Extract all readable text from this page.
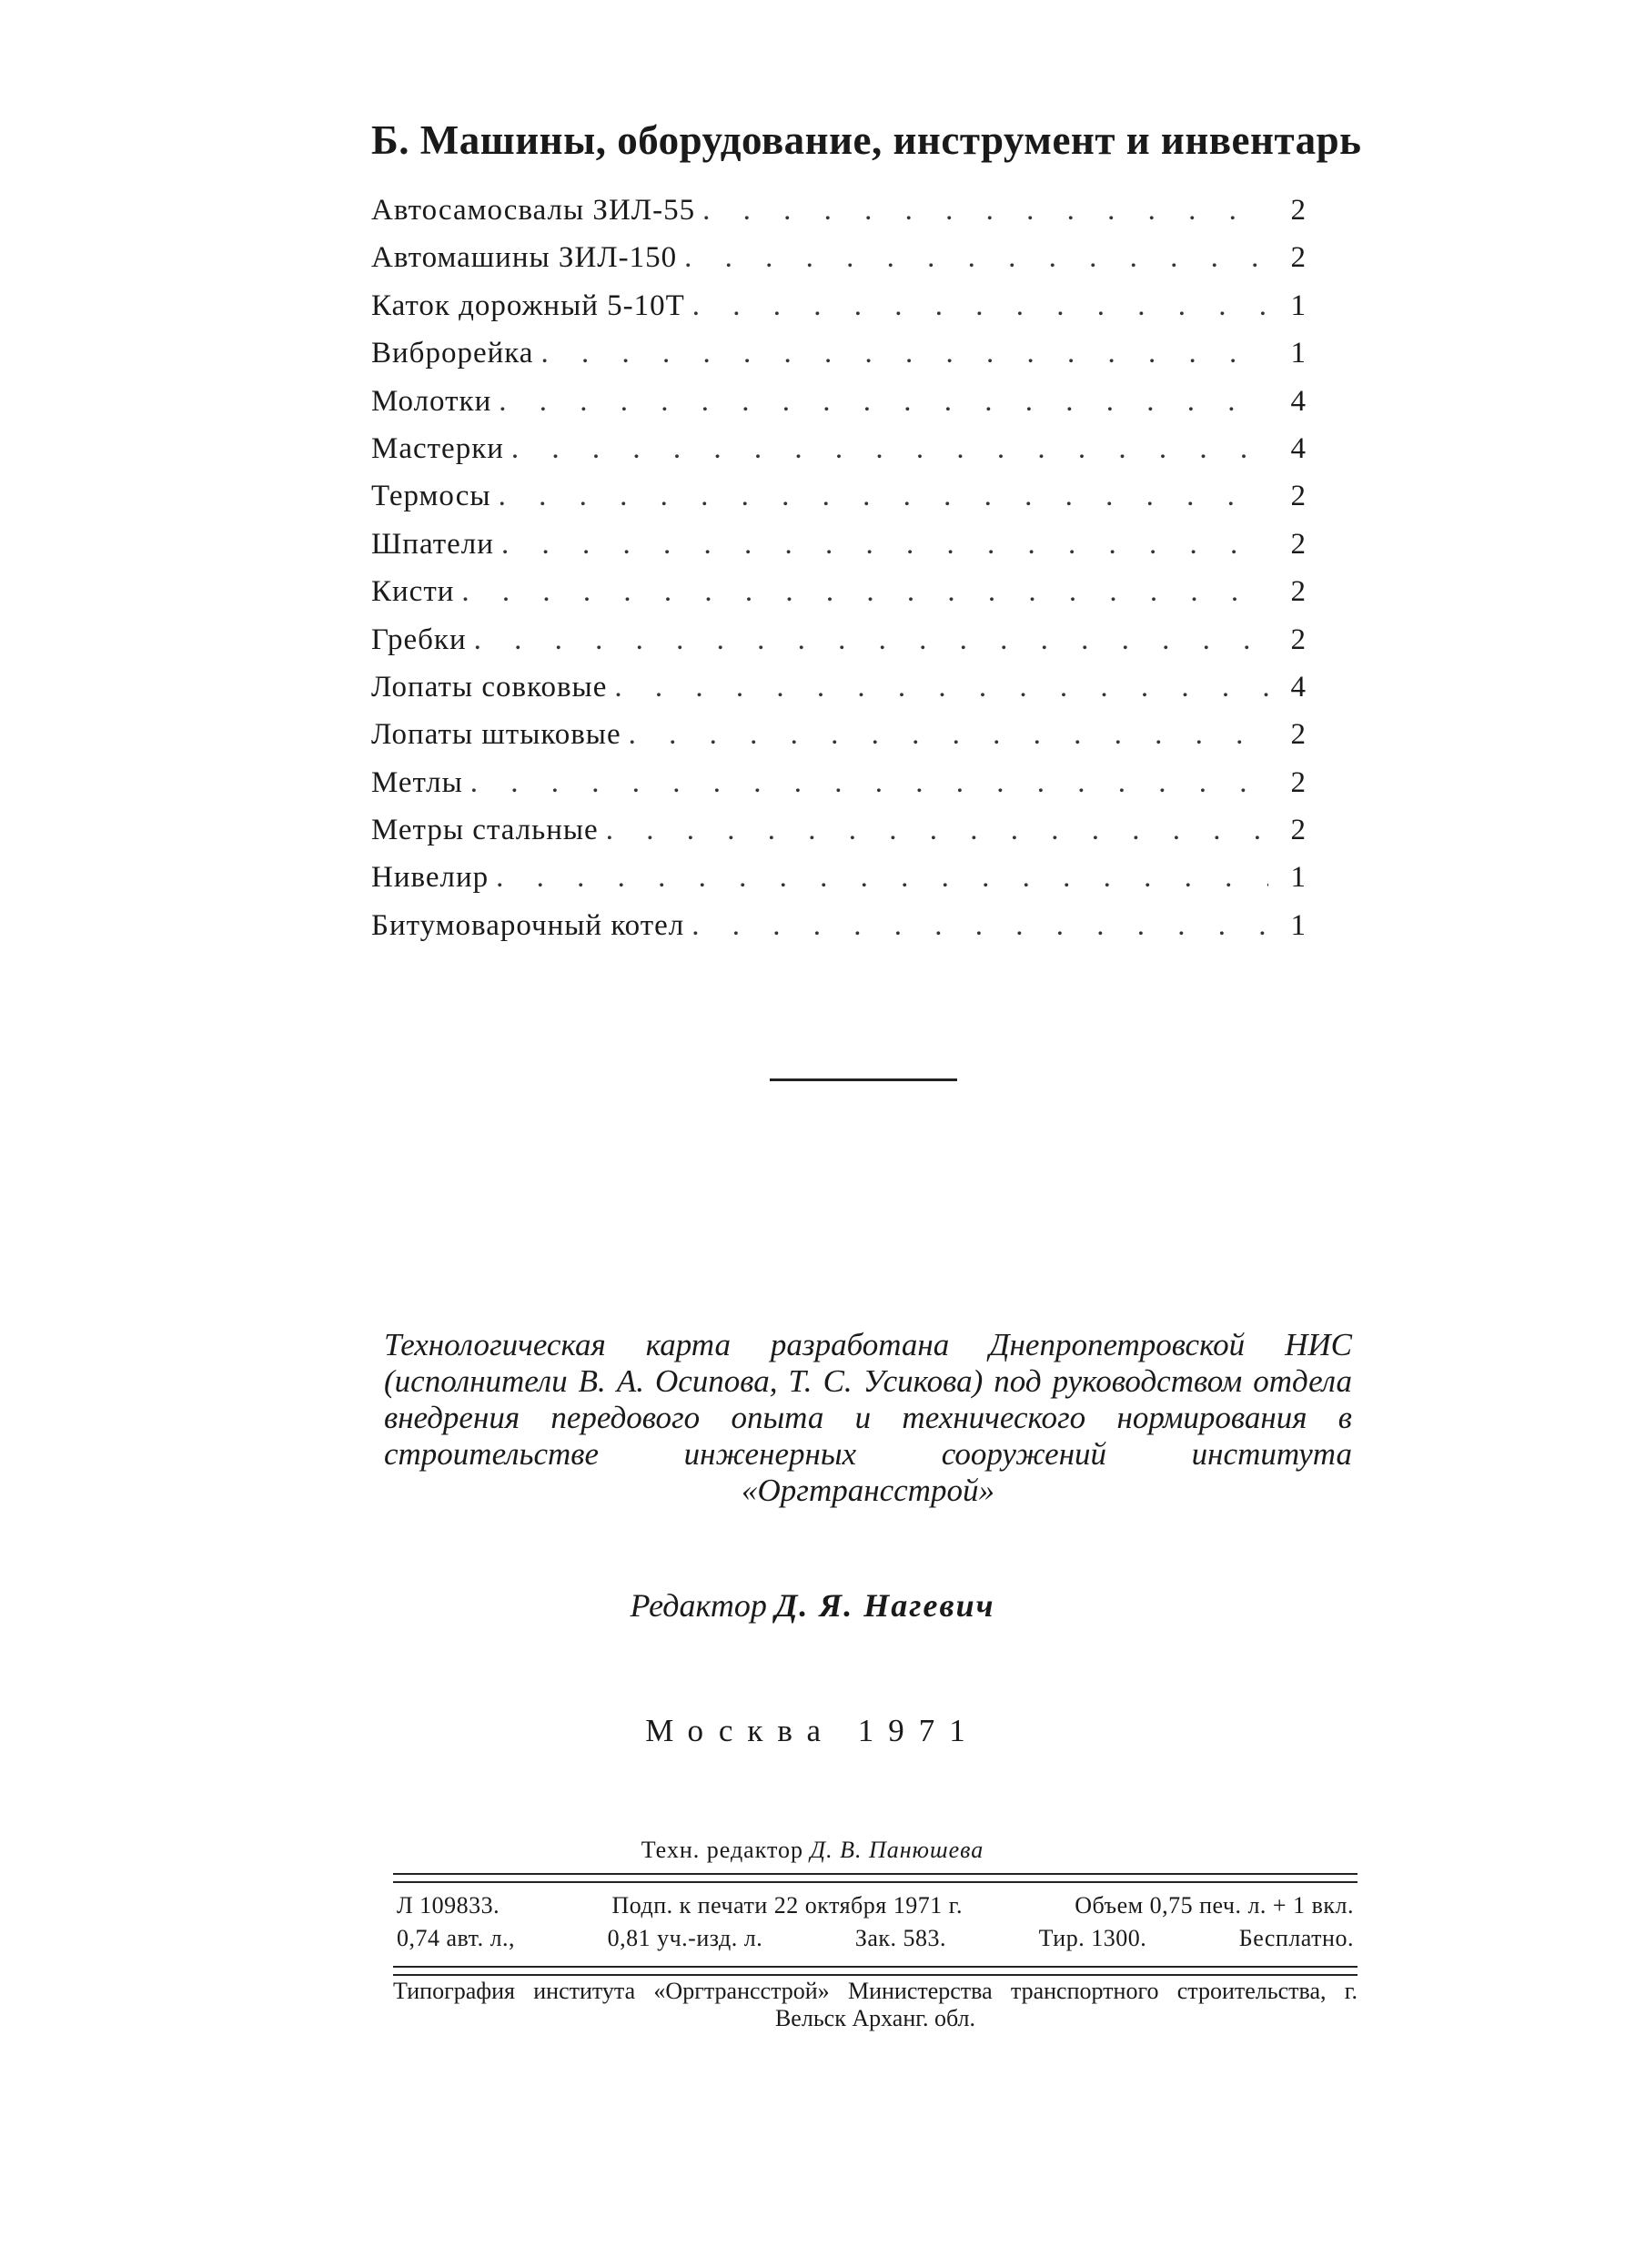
Б. Машины, оборудование, инструмент и инвентарь
Автосамосвалы ЗИЛ-55 . . .	2
Автомашины ЗИЛ-150 . . .	2
Каток дорожный 5-10Т . . .	1
Виброрейка . . .	1
Молотки . . .	4
Мастерки . . .	4
Термосы . . .	2
Шпатели . . .	2
Кисти . . .	2
Гребки . . .	2
Лопаты совковые . . .	4
Лопаты штыковые . . .	2
Метлы . . .	2
Метры стальные . . .	2
Нивелир . . .	1
Битумоварочный котел . . .	1
Технологическая карта разработана Днепропетровской НИС (исполнители В. А. Осипова, Т. С. Усикова) под руководством отдела внедрения передового опыта и технического нормирования в строительстве инженерных сооружений института «Оргтрансстрой»
Редактор Д. Я. Нагевич
Москва 1971
Техн. редактор Д. В. Панюшева
Л 109833.	Подп. к печати 22 октября 1971 г.	Объем 0,75 печ. л. + 1 вкл.
0,74 авт. л.,	0,81 уч.-изд. л.	Зак. 583.	Тир. 1300.	Бесплатно.
Типография института «Оргтрансстрой» Министерства транспортного строительства, г. Вельск Арханг. обл.
